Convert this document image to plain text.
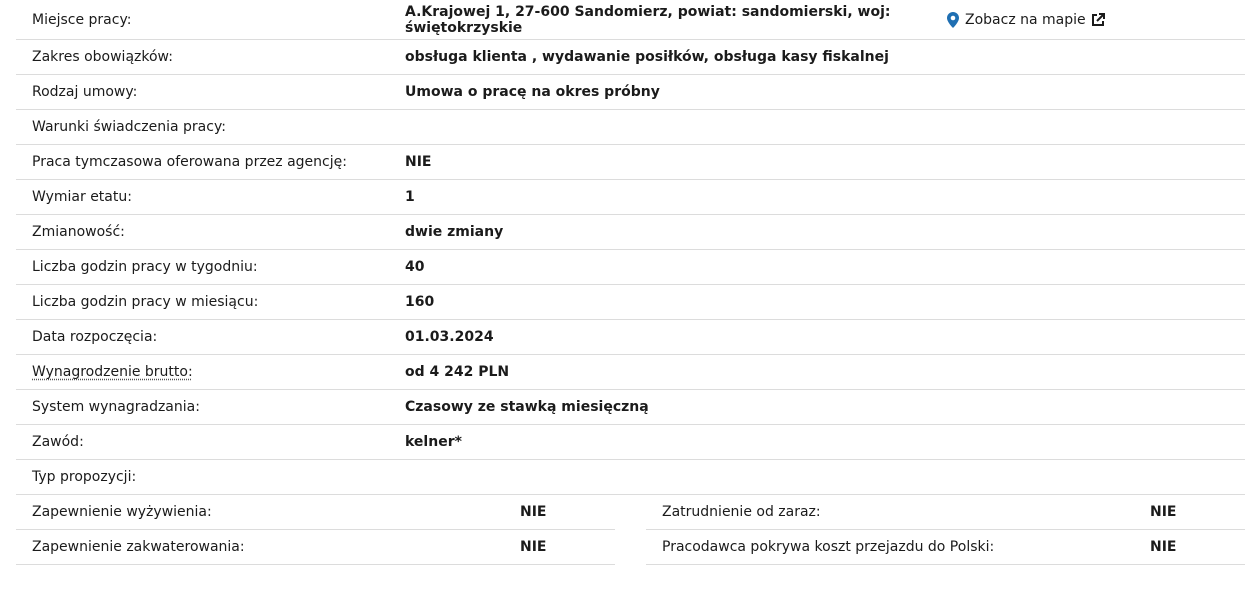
Miejsce pracy:	A.Krajowej 1, 27-600 Sandomierz, powiat: sandomierski, woj: świętokrzyskie	Zobacz na mapie
Zakres obowiązków:	obsługa klienta , wydawanie posiłków, obsługa kasy fiskalnej
Rodzaj umowy:	Umowa o pracę na okres próbny
Warunki świadczenia pracy:
Praca tymczasowa oferowana przez agencję:	NIE
Wymiar etatu:	1
Zmianowość:	dwie zmiany
Liczba godzin pracy w tygodniu:	40
Liczba godzin pracy w miesiącu:	160
Data rozpoczęcia:	01.03.2024
Wynagrodzenie brutto:	od 4 242 PLN
System wynagradzania:	Czasowy ze stawką miesięczną
Zawód:	kelner*
Typ propozycji:
Zapewnienie wyżywienia:	NIE
Zapewnienie zakwaterowania:	NIE
Zatrudnienie od zaraz:	NIE
Pracodawca pokrywa koszt przejazdu do Polski:	NIE
